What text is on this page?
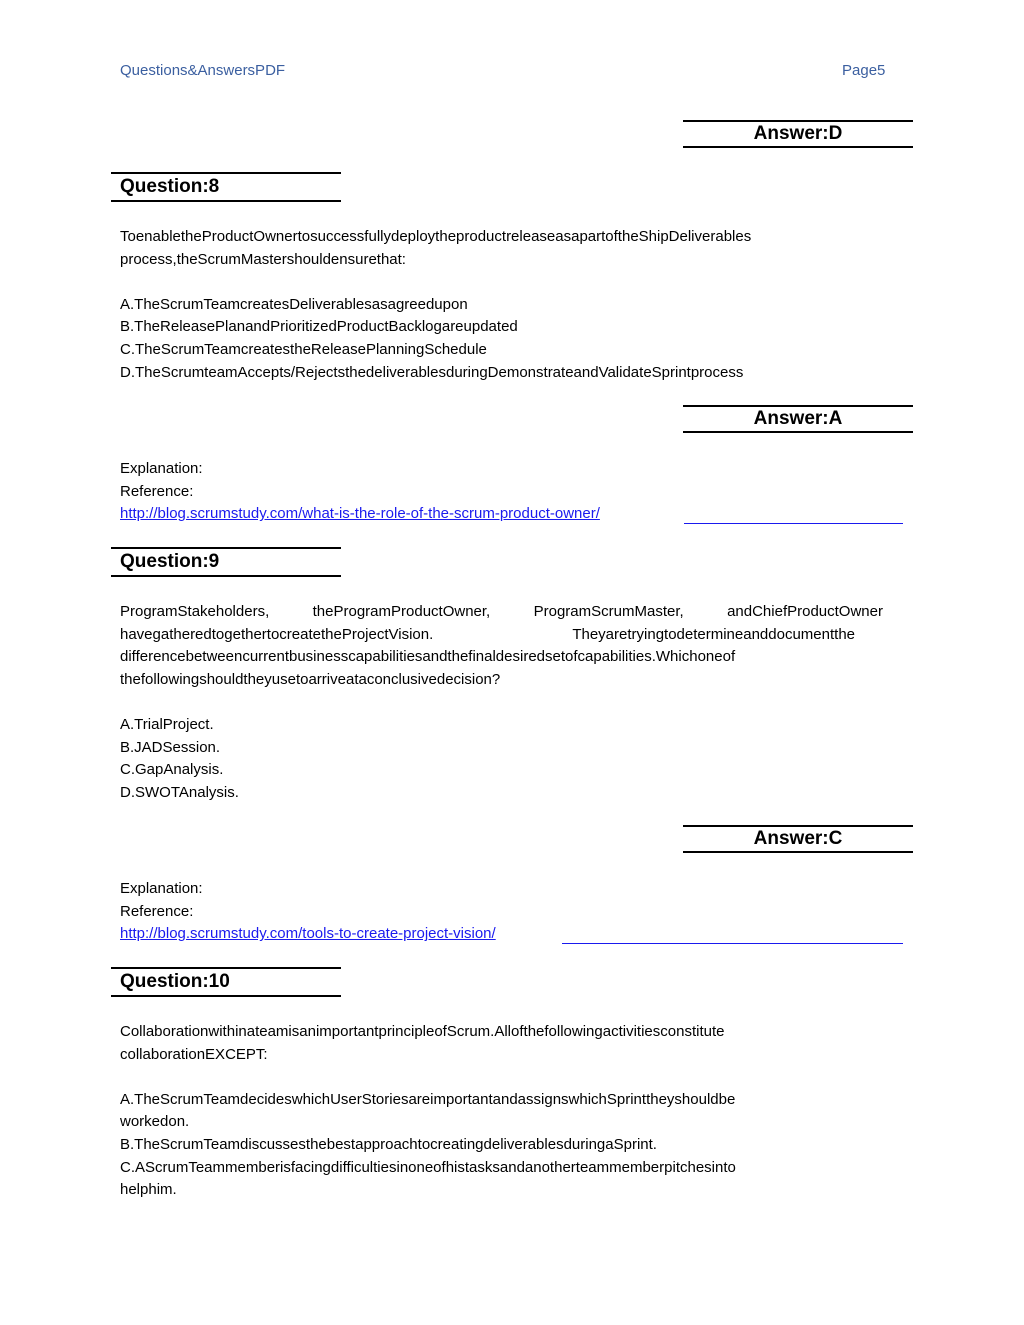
Questions&AnswersPDF	Page5
Answer:D
Question:8
ToenabletheProductOwnertosuccessfullydeploytheproductreleaseasapartoftheShipDeliverables
process,theScrumMastershouldensurethat:
A.TheScrumTeamcreatesDeliverablesasagreedupon
B.TheReleasePlanandPrioritizedProductBacklogareupdated
C.TheScrumTeamcreatestheReleasePlanningSchedule
D.TheScrumteamAccepts/RejectsthedeliverablesduringDemonstrateandValidateSprintprocess
Answer:A
Explanation:
Reference:
http://blog.scrumstudy.com/what-is-the-role-of-the-scrum-product-owner/
Question:9
ProgramStakeholders,	theProgramProductOwner,	ProgramScrumMaster,	andChiefProductOwner
havegatheredtogethertocreatetheProjectVision.	Theyaretryingtodetermineanddocumentthe
differencebetweencurrentbusinesscapabilitiesandthefinaldesiredsetofcapabilities.Whichoneof
thefollowingshouldtheyusetoarriveataconclusivedecision?
A.TrialProject.
B.JADSession.
C.GapAnalysis.
D.SWOTAnalysis.
Answer:C
Explanation:
Reference:
http://blog.scrumstudy.com/tools-to-create-project-vision/
Question:10
CollaborationwithinateamisanimportantprincipleofScrum.Allofthefollowingactivitiesconstitute
collaborationEXCEPT:
A.TheScrumTeamdecideswhichUserStoriesareimportantandassignswhichSprinttheyshouldbe
workedon.
B.TheScrumTeamdiscussesthebestapproachtocreatingdeliverablesduringaSprint.
C.AScrumTeammemberisfacingdifficultiesinoneofhistasksandanotherteammemberpitchesinto
helphim.
